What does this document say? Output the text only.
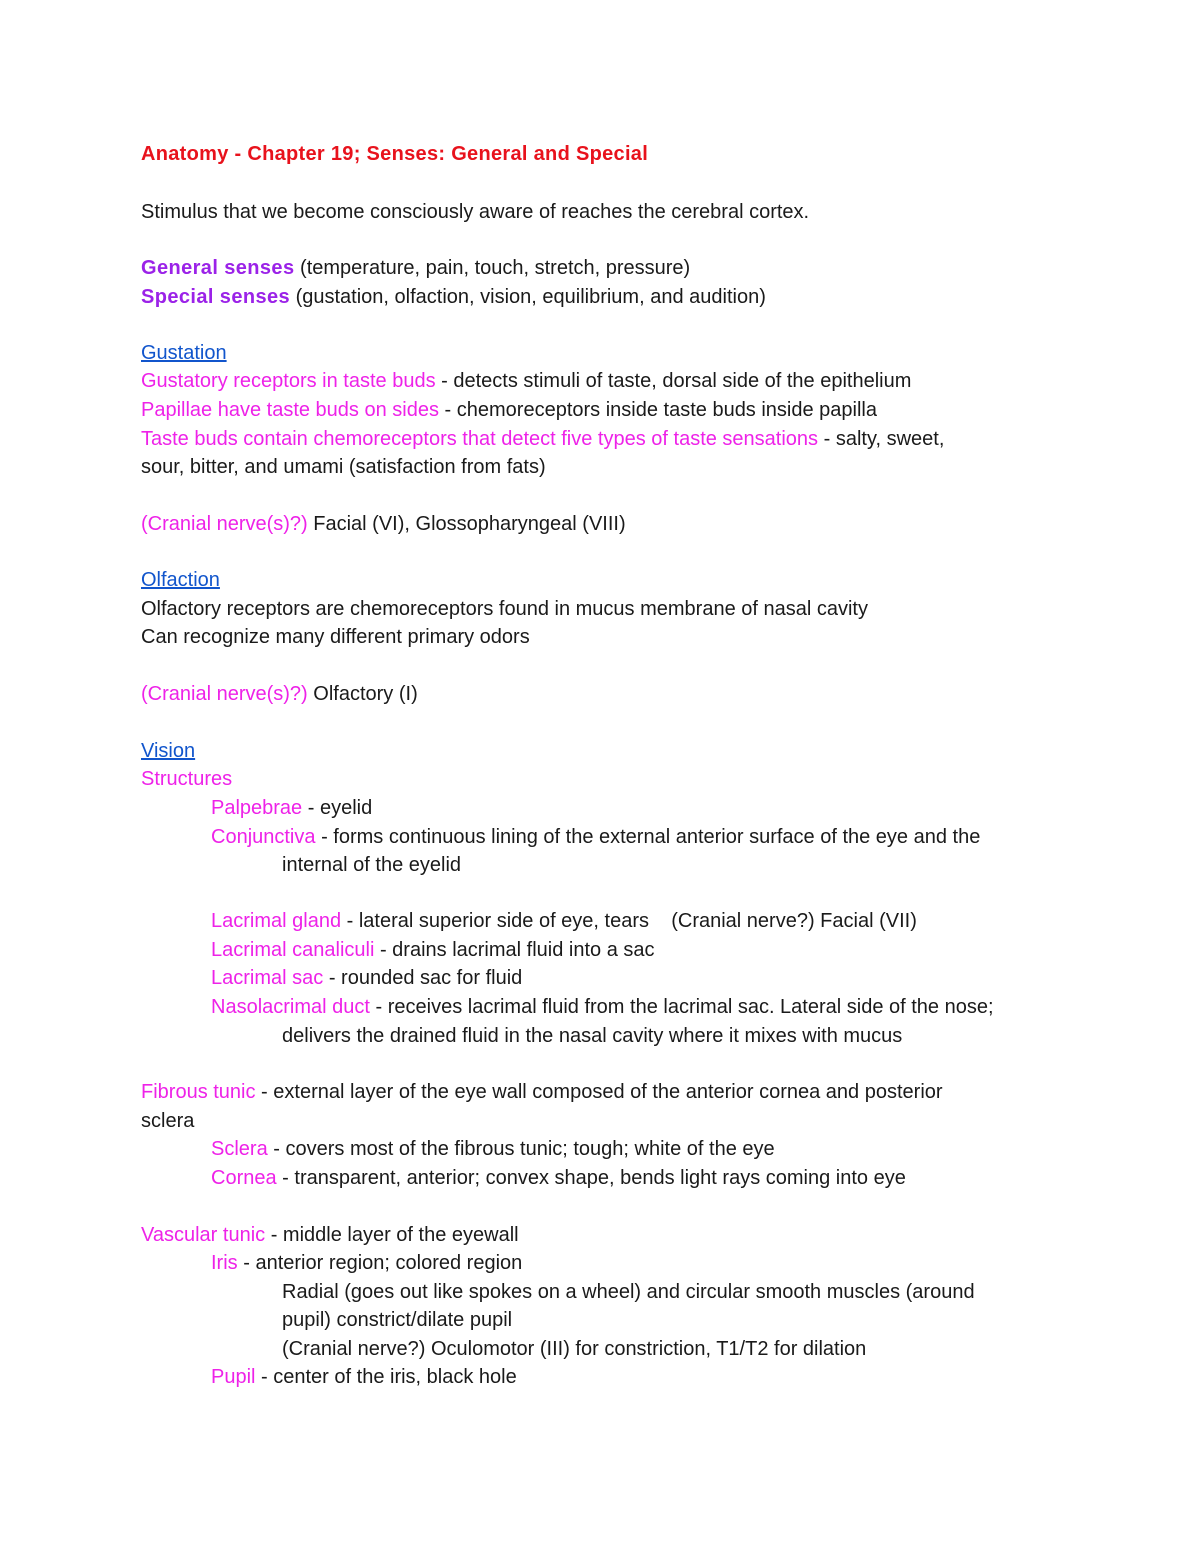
Anatomy - Chapter 19; Senses: General and Special
Stimulus that we become consciously aware of reaches the cerebral cortex.
General senses (temperature, pain, touch, stretch, pressure)
Special senses (gustation, olfaction, vision, equilibrium, and audition)
Gustation
Gustatory receptors in taste buds - detects stimuli of taste, dorsal side of the epithelium
Papillae have taste buds on sides - chemoreceptors inside taste buds inside papilla
Taste buds contain chemoreceptors that detect five types of taste sensations - salty, sweet,
sour, bitter, and umami (satisfaction from fats)
(Cranial nerve(s)?) Facial (VI), Glossopharyngeal (VIII)
Olfaction
Olfactory receptors are chemoreceptors found in mucus membrane of nasal cavity
Can recognize many different primary odors
(Cranial nerve(s)?) Olfactory (I)
Vision
Structures
Palpebrae - eyelid
Conjunctiva - forms continuous lining of the external anterior surface of the eye and the
internal of the eyelid
Lacrimal gland - lateral superior side of eye, tears    (Cranial nerve?) Facial (VII)
Lacrimal canaliculi - drains lacrimal fluid into a sac
Lacrimal sac - rounded sac for fluid
Nasolacrimal duct - receives lacrimal fluid from the lacrimal sac. Lateral side of the nose;
delivers the drained fluid in the nasal cavity where it mixes with mucus
Fibrous tunic - external layer of the eye wall composed of the anterior cornea and posterior
sclera
Sclera - covers most of the fibrous tunic; tough; white of the eye
Cornea - transparent, anterior; convex shape, bends light rays coming into eye
Vascular tunic - middle layer of the eyewall
Iris - anterior region; colored region
Radial (goes out like spokes on a wheel) and circular smooth muscles (around
pupil) constrict/dilate pupil
(Cranial nerve?) Oculomotor (III) for constriction, T1/T2 for dilation
Pupil - center of the iris, black hole
